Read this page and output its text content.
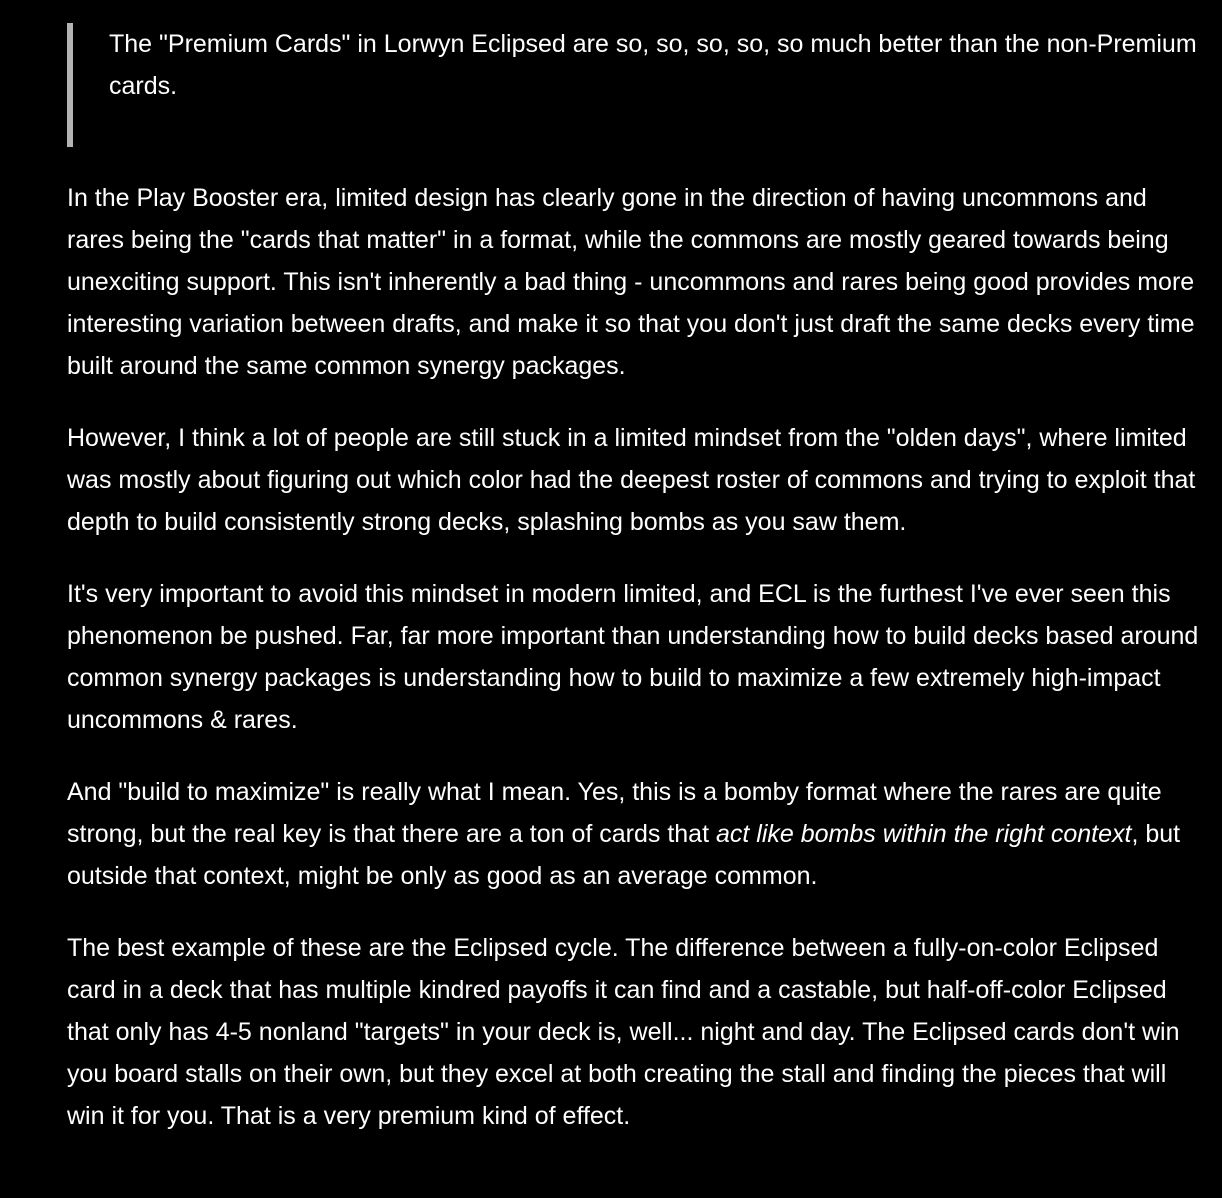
The "Premium Cards" in Lorwyn Eclipsed are so, so, so, so, so much better than the non-Premium cards.

In the Play Booster era, limited design has clearly gone in the direction of having uncommons and rares being the "cards that matter" in a format, while the commons are mostly geared towards being unexciting support. This isn't inherently a bad thing - uncommons and rares being good provides more interesting variation between drafts, and make it so that you don't just draft the same decks every time built around the same common synergy packages.

However, I think a lot of people are still stuck in a limited mindset from the "olden days", where limited was mostly about figuring out which color had the deepest roster of commons and trying to exploit that depth to build consistently strong decks, splashing bombs as you saw them.

It's very important to avoid this mindset in modern limited, and ECL is the furthest I've ever seen this phenomenon be pushed. Far, far more important than understanding how to build decks based around common synergy packages is understanding how to build to maximize a few extremely high-impact uncommons & rares.

And "build to maximize" is really what I mean. Yes, this is a bomby format where the rares are quite strong, but the real key is that there are a ton of cards that act like bombs within the right context, but outside that context, might be only as good as an average common.

The best example of these are the Eclipsed cycle. The difference between a fully-on-color Eclipsed card in a deck that has multiple kindred payoffs it can find and a castable, but half-off-color Eclipsed that only has 4-5 nonland "targets" in your deck is, well... night and day. The Eclipsed cards don't win you board stalls on their own, but they excel at both creating the stall and finding the pieces that will win it for you. That is a very premium kind of effect.
